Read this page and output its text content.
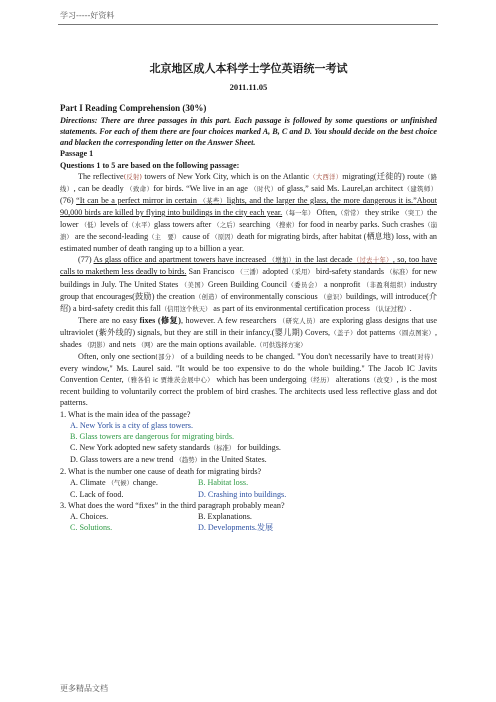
学习-----好资料
北京地区成人本科学士学位英语统一考试
2011.11.05
Part I Reading Comprehension (30%)

Directions: There are three passages in this part. Each passage is followed by some questions or unfinished statements. For each of them there are four choices marked A, B, C and D. You should decide on the best choice and blacken the corresponding letter on the Answer Sheet.

Passage 1

Questions 1 to 5 are based on the following passage:

The reflective(反射) towers of New York City, which is on the Atlantic（大西洋）migrating(迁徙的) route（路线）, can be deadly （致命）for birds. “We live in an age （时代）of glass,” said Ms. Laurel,an architect（建筑师） (76) “It can be a perfect mirror in certain （某些）lights, and the larger the glass, the more dangerous it is.”About 90,000 birds are killed by flying into buildings in the city each year.（每一年） Often,（常常） they strike （突工）the lower （低）levels of（水平）glass towers after （之后）searching （搜索）for food in nearby parks. Such crashes（崩溃） are the second-leading（主　要） cause of （原因）death for migrating birds, after habitat (栖息地) loss, with an estimated number of death ranging up to a billion a year.

(77) As glass office and apartment towers have increased （增加）in the last decade（过去十年）, so, too have calls to makethem less deadly to birds. San Francisco （三潘）adopted（采用） bird-safety standards （标准）for new buildings in July. The United States （美国）Green Building Council（委员会） a nonprofit （非盈利组织）industry group that encourages(鼓励) the creation（创造）of environmentally conscious （意识）buildings, will introduce(介绍) a bird-safety credit this fall（信用这个秋天） as part of its environmental certification process （认证过程）.

There are no easy fixes (修复), however. A few researchers （研究人员）are exploring glass designs that use ultraviolet (紫外线的) signals, but they are still in their infancy.(婴儿期) Covers,（盖子）dot patterns（圆点图案）, shades （阴影）and nets （网）are the main options available.（可供选择方案）

Often, only one section(部分） of a building needs to be changed. "You don't necessarily have to treat(对待） every window," Ms. Laurel said. "It would be too expensive to do the whole building." The Jacob IC Javits Convention Center,（雅各伯 ic 贾维茨会展中心） which has been undergoing（经历） alterations（改变）, is the most recent building to voluntarily correct the problem of bird crashes. The architects used less reflective glass and dot patterns.

1. What is the main idea of the passage?

A. New York is a city of glass towers.

B. Glass towers are dangerous for migrating birds.

C. New York adopted new safety standards（标准） for buildings.

D. Glass towers are a new trend （趋势）in the United States.

2. What is the number one cause of death for migrating birds?

A. Climate （气候）change.	B. Habitat loss.
C. Lack of food.	D. Crashing into buildings.

3. What does the word “fixes” in the third paragraph probably mean?

A. Choices.	B. Explanations.
C. Solutions.	D. Developments.发展
更多精品文档
